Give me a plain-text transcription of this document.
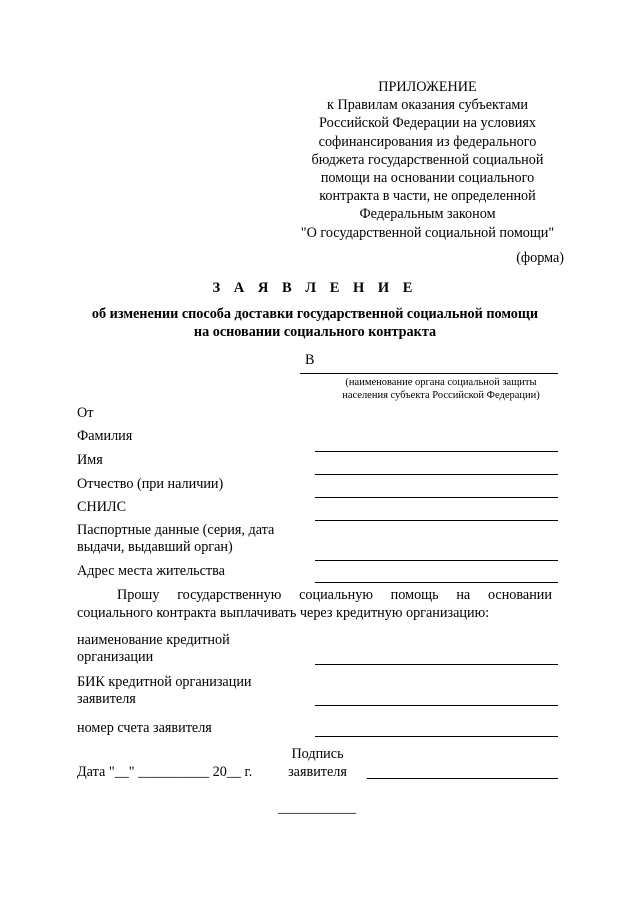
ПРИЛОЖЕНИЕ
к Правилам оказания субъектами
Российской Федерации на условиях
софинансирования из федерального
бюджета государственной социальной
помощи на основании социального
контракта в части, не определенной
Федеральным законом
"О государственной социальной помощи"
(форма)
З А Я В Л Е Н И Е
об изменении способа доставки государственной социальной помощи
на основании социального контракта
В
(наименование органа социальной защиты
населения субъекта Российской Федерации)
От
Фамилия
Имя
Отчество (при наличии)
СНИЛС
Паспортные данные (серия, дата
выдачи, выдавший орган)
Адрес места жительства
Прошу   государственную   социальную   помощь   на   основании
социального контракта выплачивать через кредитную организацию:
наименование кредитной
организации
БИК кредитной организации
заявителя
номер счета заявителя
Дата "__" __________ 20__ г.
Подпись
заявителя
___________
